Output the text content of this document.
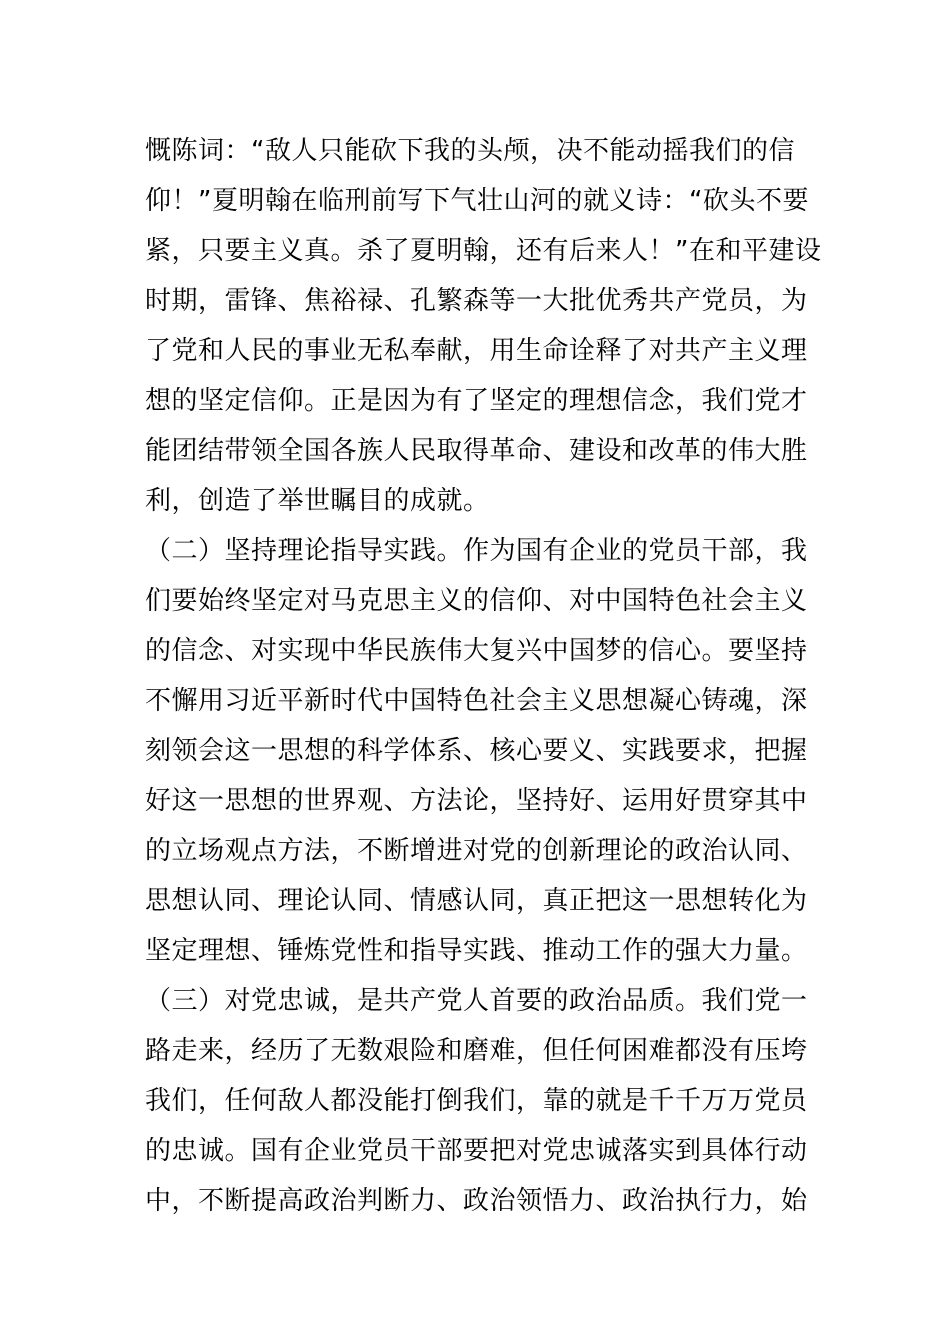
慨陈词：“敌人只能砍下我的头颅，决不能动摇我们的信
仰！”夏明翰在临刑前写下气壮山河的就义诗：“砍头不要
紧，只要主义真。杀了夏明翰，还有后来人！”在和平建设
时期，雷锋、焦裕禄、孔繁森等一大批优秀共产党员，为
了党和人民的事业无私奉献，用生命诠释了对共产主义理
想的坚定信仰。正是因为有了坚定的理想信念，我们党才
能团结带领全国各族人民取得革命、建设和改革的伟大胜
利，创造了举世瞩目的成就。
（二）坚持理论指导实践。作为国有企业的党员干部，我
们要始终坚定对马克思主义的信仰、对中国特色社会主义
的信念、对实现中华民族伟大复兴中国梦的信心。要坚持
不懈用习近平新时代中国特色社会主义思想凝心铸魂，深
刻领会这一思想的科学体系、核心要义、实践要求，把握
好这一思想的世界观、方法论，坚持好、运用好贯穿其中
的立场观点方法，不断增进对党的创新理论的政治认同、
思想认同、理论认同、情感认同，真正把这一思想转化为
坚定理想、锤炼党性和指导实践、推动工作的强大力量。
（三）对党忠诚，是共产党人首要的政治品质。我们党一
路走来，经历了无数艰险和磨难，但任何困难都没有压垮
我们，任何敌人都没能打倒我们，靠的就是千千万万党员
的忠诚。国有企业党员干部要把对党忠诚落实到具体行动
中，不断提高政治判断力、政治领悟力、政治执行力，始
